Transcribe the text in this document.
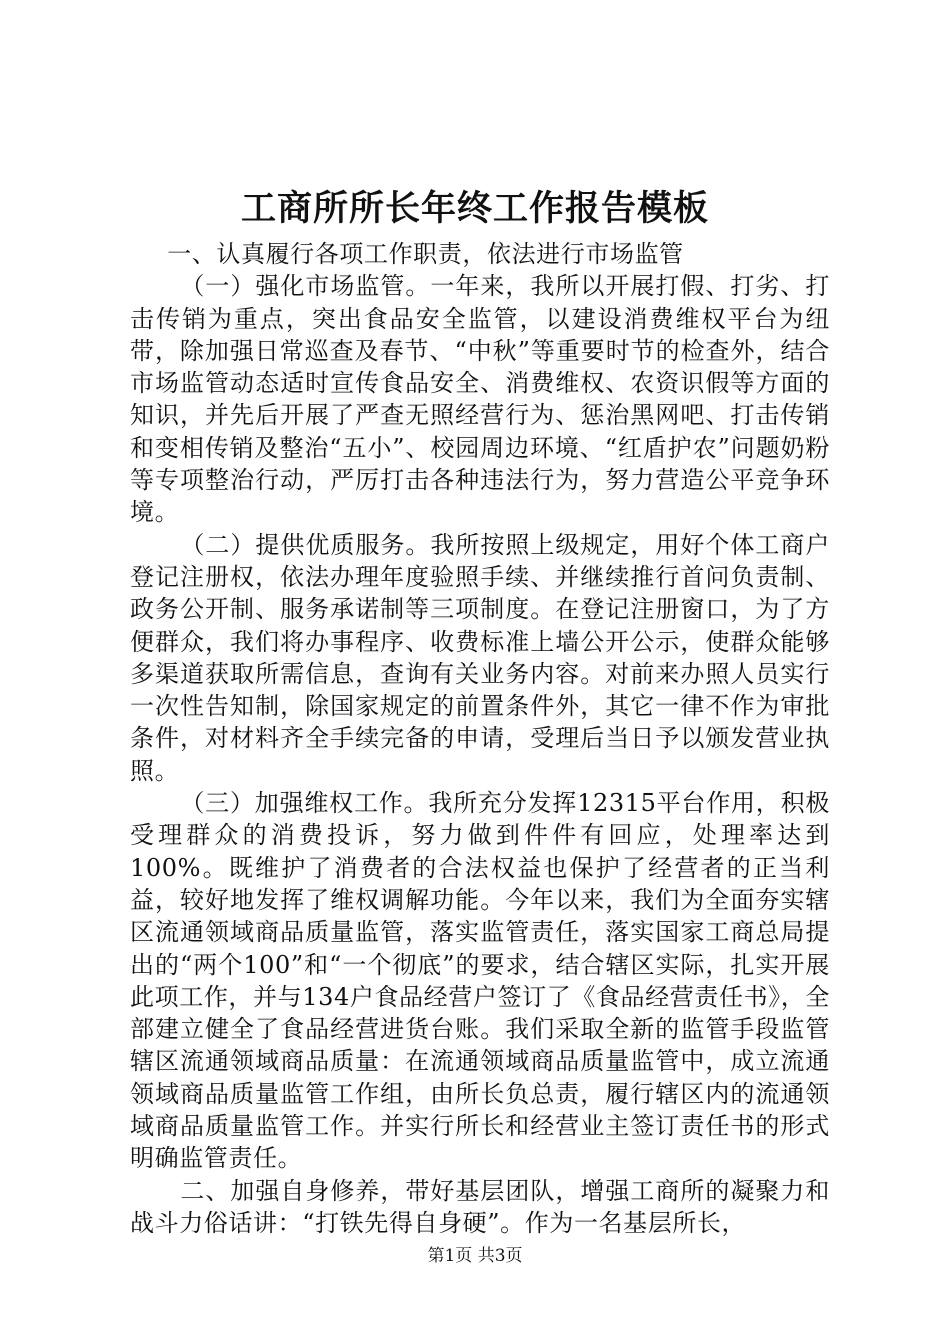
工商所所长年终工作报告模板

一、认真履行各项工作职责，依法进行市场监管

（一）强化市场监管。一年来，我所以开展打假、打劣、打击传销为重点，突出食品安全监管，以建设消费维权平台为纽带，除加强日常巡查及春节、“中秋”等重要时节的检查外，结合市场监管动态适时宣传食品安全、消费维权、农资识假等方面的知识，并先后开展了严查无照经营行为、惩治黑网吧、打击传销和变相传销及整治“五小”、校园周边环境、“红盾护农”问题奶粉等专项整治行动，严厉打击各种违法行为，努力营造公平竞争环境。

（二）提供优质服务。我所按照上级规定，用好个体工商户登记注册权，依法办理年度验照手续、并继续推行首问负责制、政务公开制、服务承诺制等三项制度。在登记注册窗口，为了方便群众，我们将办事程序、收费标准上墙公开公示，使群众能够多渠道获取所需信息，查询有关业务内容。对前来办照人员实行一次性告知制，除国家规定的前置条件外，其它一律不作为审批条件，对材料齐全手续完备的申请，受理后当日予以颁发营业执照。

（三）加强维权工作。我所充分发挥12315平台作用，积极受理群众的消费投诉，努力做到件件有回应，处理率达到100%。既维护了消费者的合法权益也保护了经营者的正当利益，较好地发挥了维权调解功能。今年以来，我们为全面夯实辖区流通领域商品质量监管，落实监管责任，落实国家工商总局提出的“两个100”和“一个彻底”的要求，结合辖区实际，扎实开展此项工作，并与134户食品经营户签订了《食品经营责任书》，全部建立健全了食品经营进货台账。我们采取全新的监管手段监管辖区流通领域商品质量：在流通领域商品质量监管中，成立流通领域商品质量监管工作组，由所长负总责，履行辖区内的流通领域商品质量监管工作。并实行所长和经营业主签订责任书的形式明确监管责任。

二、加强自身修养，带好基层团队，增强工商所的凝聚力和战斗力俗话讲：“打铁先得自身硬”。作为一名基层所长，

第1页 共3页
